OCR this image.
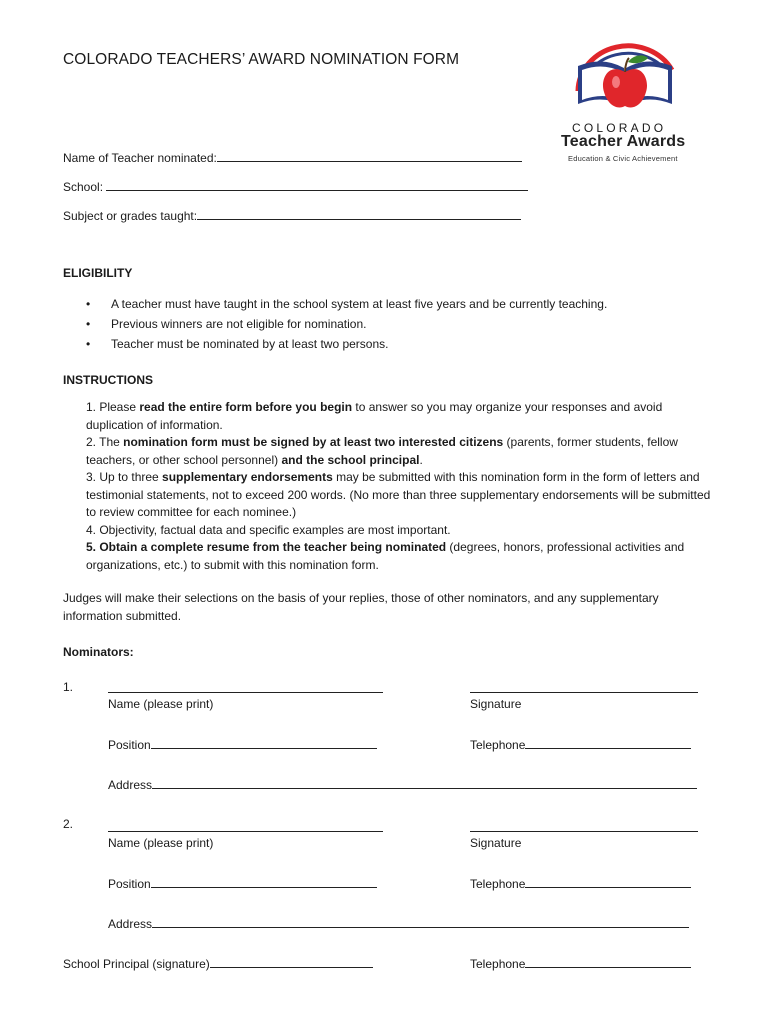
COLORADO TEACHERS’ AWARD NOMINATION FORM
COLORADO
Teacher Awards
Education & Civic Achievement
Name of Teacher nominated:
School:
Subject or grades taught:
ELIGIBILITY
• A teacher must have taught in the school system at least five years and be currently teaching.
• Previous winners are not eligible for nomination.
• Teacher must be nominated by at least two persons.
INSTRUCTIONS

1. Please read the entire form before you begin to answer so you may organize your responses and avoid duplication of information.

2. The nomination form must be signed by at least two interested citizens (parents, former students, fellow teachers, or other school personnel) and the school principal.

3. Up to three supplementary endorsements may be submitted with this nomination form in the form of letters and testimonial statements, not to exceed 200 words. (No more than three supplementary endorsements will be submitted to review committee for each nominee.)

4. Objectivity, factual data and specific examples are most important.

5. Obtain a complete resume from the teacher being nominated (degrees, honors, professional activities and organizations, etc.) to submit with this nomination form.

Judges will make their selections on the basis of your replies, those of other nominators, and any supplementary information submitted.
Nominators:
1.
Name (please print)	Signature
Position	Telephone
Address
2.
Name (please print)	Signature
Position	Telephone
Address
School Principal (signature)	Telephone
